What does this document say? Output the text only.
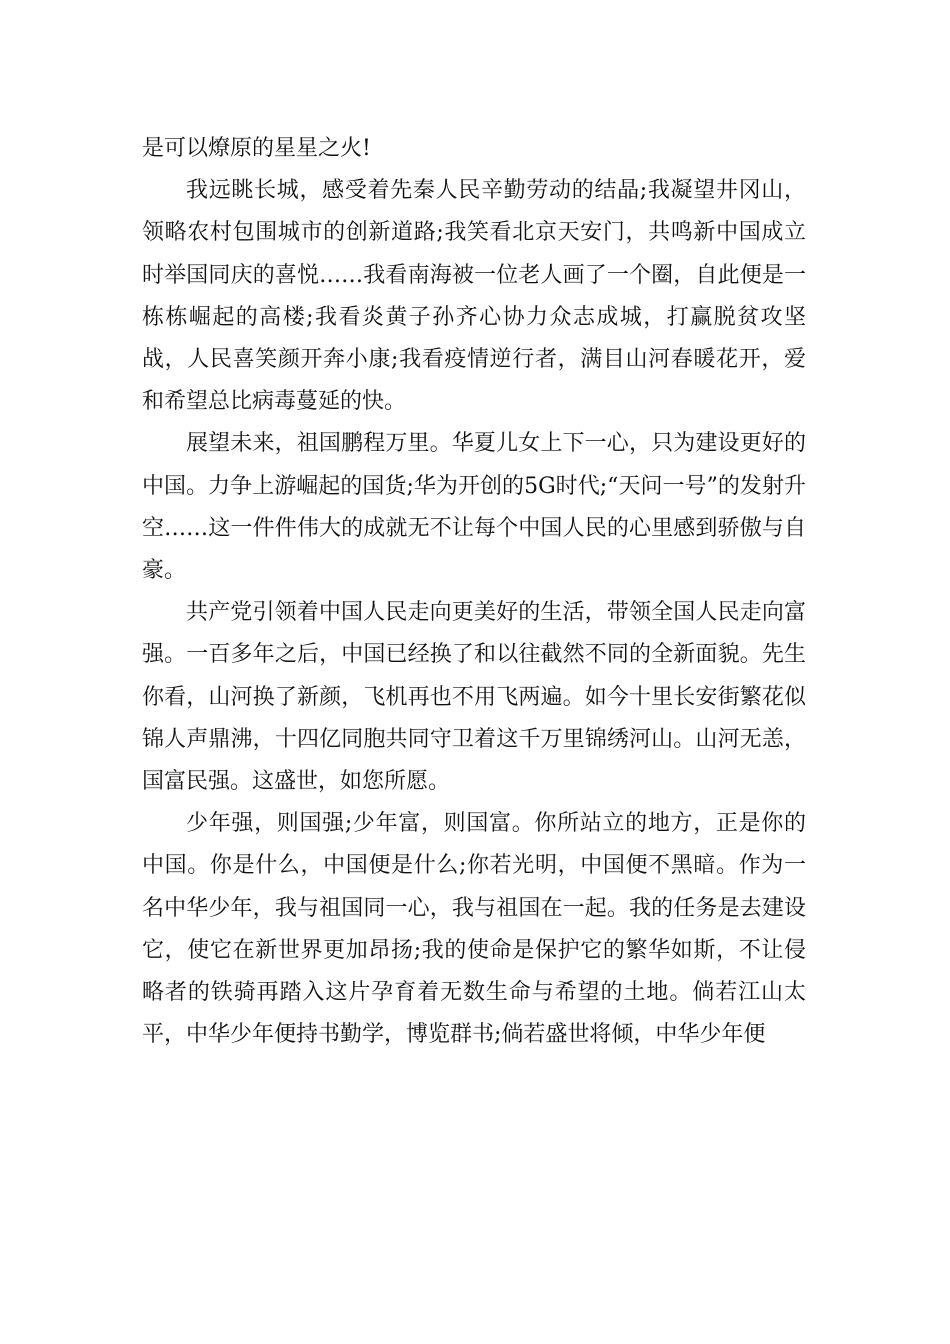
是可以燎原的星星之火!

我远眺长城，感受着先秦人民辛勤劳动的结晶;我凝望井冈山，领略农村包围城市的创新道路;我笑看北京天安门，共鸣新中国成立时举国同庆的喜悦……我看南海被一位老人画了一个圈，自此便是一栋栋崛起的高楼;我看炎黄子孙齐心协力众志成城，打赢脱贫攻坚战，人民喜笑颜开奔小康;我看疫情逆行者，满目山河春暖花开，爱和希望总比病毒蔓延的快。

展望未来，祖国鹏程万里。华夏儿女上下一心，只为建设更好的中国。力争上游崛起的国货;华为开创的5G时代;“天问一号”的发射升空……这一件件伟大的成就无不让每个中国人民的心里感到骄傲与自豪。

共产党引领着中国人民走向更美好的生活，带领全国人民走向富强。一百多年之后，中国已经换了和以往截然不同的全新面貌。先生你看，山河换了新颜，飞机再也不用飞两遍。如今十里长安街繁花似锦人声鼎沸，十四亿同胞共同守卫着这千万里锦绣河山。山河无恙，国富民强。这盛世，如您所愿。

少年强，则国强;少年富，则国富。你所站立的地方，正是你的中国。你是什么，中国便是什么;你若光明，中国便不黑暗。作为一名中华少年，我与祖国同一心，我与祖国在一起。我的任务是去建设它，使它在新世界更加昂扬;我的使命是保护它的繁华如斯，不让侵略者的铁骑再踏入这片孕育着无数生命与希望的土地。倘若江山太平，中华少年便持书勤学，博览群书;倘若盛世将倾，中华少年便
